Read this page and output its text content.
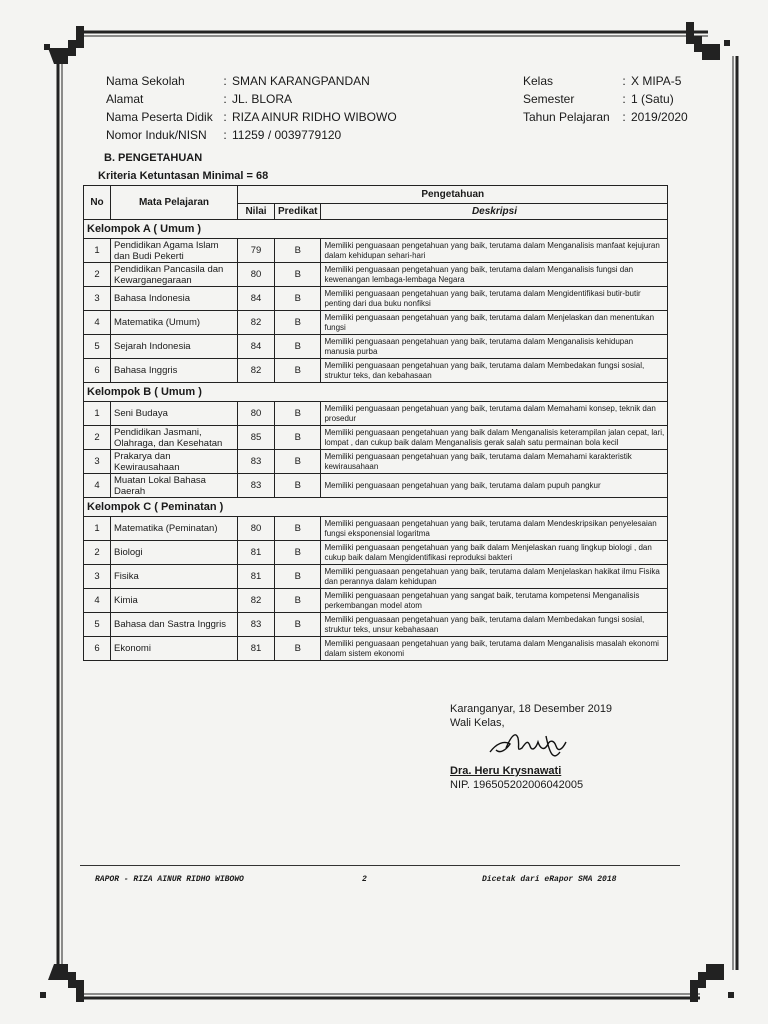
Nama Sekolah	: SMAN KARANGPANDAN
Alamat	: JL. BLORA
Nama Peserta Didik : RIZA AINUR RIDHO WIBOWO
Nomor Induk/NISN : 11259 / 0039779120
Kelas	: X MIPA-5
Semester	: 1 (Satu)
Tahun Pelajaran : 2019/2020
B. PENGETAHUAN
Kriteria Ketuntasan Minimal = 68
No	Mata Pelajaran	Pengetahuan		
		Nilai	Predikat	Deskripsi
Kelompok A ( Umum )				
1	Pendidikan Agama Islam dan Budi Pekerti	79	B	Memiliki penguasaan pengetahuan yang baik, terutama dalam Menganalisis manfaat kejujuran dalam kehidupan sehari-hari
2	Pendidikan Pancasila dan Kewarganegaraan	80	B	Memiliki penguasaan pengetahuan yang baik, terutama dalam Menganalisis fungsi dan kewenangan lembaga-lembaga Negara
3	Bahasa Indonesia	84	B	Memiliki penguasaan pengetahuan yang baik, terutama dalam Mengidentifikasi butir-butir penting dari dua buku nonfiksi
4	Matematika (Umum)	82	B	Memiliki penguasaan pengetahuan yang baik, terutama dalam Menjelaskan dan menentukan fungsi
5	Sejarah Indonesia	84	B	Memiliki penguasaan pengetahuan yang baik, terutama dalam Menganalisis kehidupan manusia purba
6	Bahasa Inggris	82	B	Memiliki penguasaan pengetahuan yang baik, terutama dalam Membedakan fungsi sosial, struktur teks, dan kebahasaan
Kelompok B ( Umum )				
1	Seni Budaya	80	B	Memiliki penguasaan pengetahuan yang baik, terutama dalam Memahami konsep, teknik dan prosedur
2	Pendidikan Jasmani, Olahraga, dan Kesehatan	85	B	Memiliki penguasaan pengetahuan yang baik dalam Menganalisis keterampilan jalan cepat, lari, lompat , dan cukup baik dalam Menganalisis gerak salah satu permainan bola kecil
3	Prakarya dan Kewirausahaan	83	B	Memiliki penguasaan pengetahuan yang baik, terutama dalam Memahami karakteristik kewirausahaan
4	Muatan Lokal Bahasa Daerah	83	B	Memiliki penguasaan pengetahuan yang baik, terutama dalam pupuh pangkur
Kelompok C ( Peminatan )				
1	Matematika (Peminatan)	80	B	Memiliki penguasaan pengetahuan yang baik, terutama dalam Mendeskripsikan penyelesaian fungsi eksponensial logaritma
2	Biologi	81	B	Memiliki penguasaan pengetahuan yang baik dalam Menjelaskan ruang lingkup biologi , dan cukup baik dalam Mengidentifikasi reproduksi bakteri
3	Fisika	81	B	Memiliki penguasaan pengetahuan yang baik, terutama dalam Menjelaskan hakikat ilmu Fisika dan perannya dalam kehidupan
4	Kimia	82	B	Memiliki penguasaan pengetahuan yang sangat baik, terutama kompetensi Menganalisis perkembangan model atom
5	Bahasa dan Sastra Inggris	83	B	Memiliki penguasaan pengetahuan yang baik, terutama dalam Membedakan fungsi sosial, struktur teks, unsur kebahasaan
6	Ekonomi	81	B	Memiliki penguasaan pengetahuan yang baik, terutama dalam Menganalisis masalah ekonomi dalam sistem ekonomi
Karanganyar, 18 Desember 2019
Wali Kelas,
Dra. Heru Krysnawati
NIP. 196505202006042005
RAPOR - RIZA AINUR RIDHO WIBOWO	2	Dicetak dari eRapor SMA 2018
